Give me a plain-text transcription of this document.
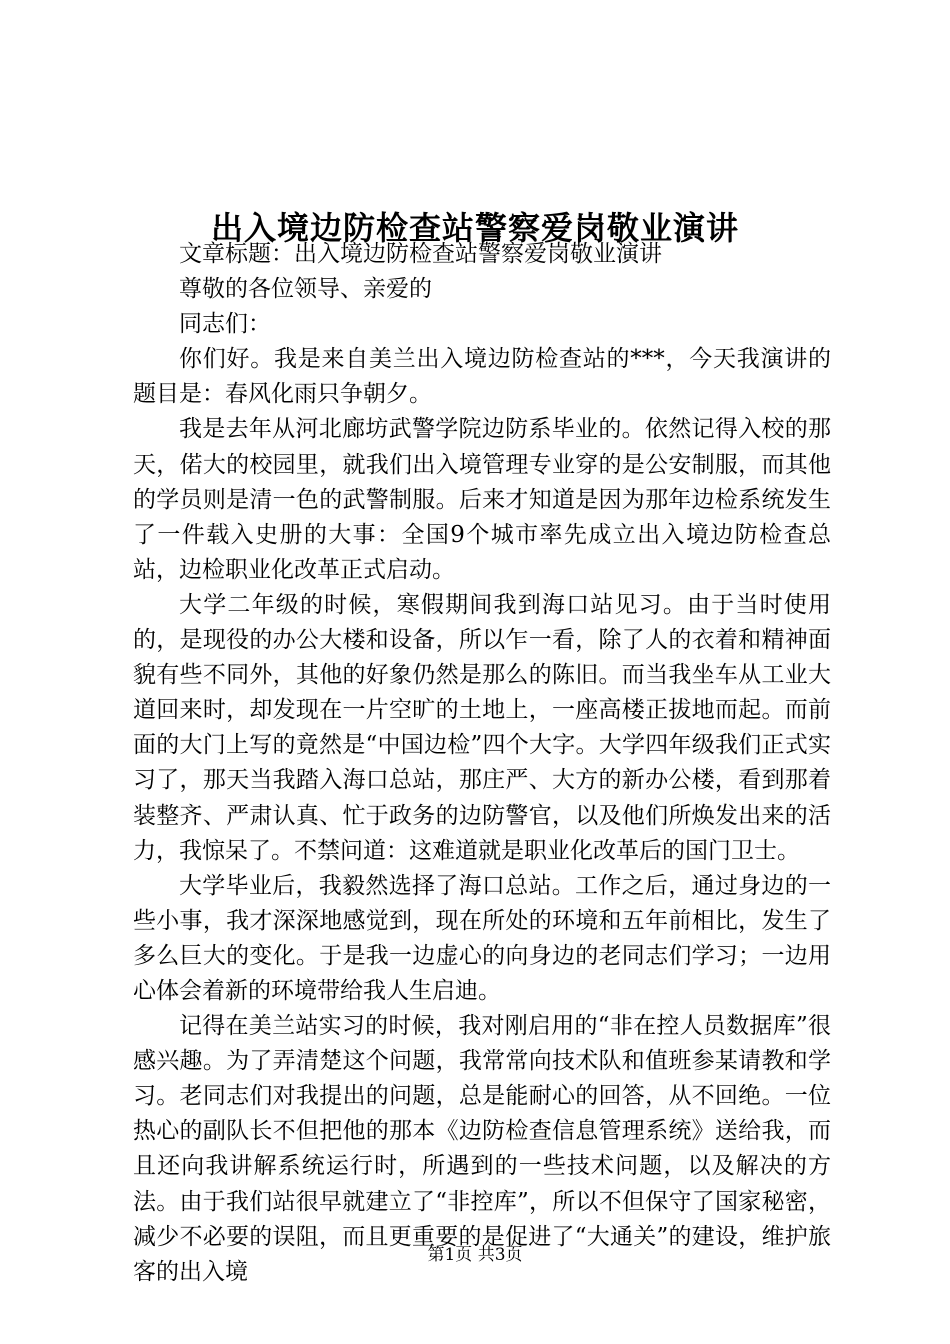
出入境边防检查站警察爱岗敬业演讲

文章标题：出入境边防检查站警察爱岗敬业演讲

尊敬的各位领导、亲爱的

同志们：

你们好。我是来自美兰出入境边防检查站的***，今天我演讲的题目是：春风化雨只争朝夕。

我是去年从河北廊坊武警学院边防系毕业的。依然记得入校的那天，偌大的校园里，就我们出入境管理专业穿的是公安制服，而其他的学员则是清一色的武警制服。后来才知道是因为那年边检系统发生了一件载入史册的大事：全国9个城市率先成立出入境边防检查总站，边检职业化改革正式启动。

大学二年级的时候，寒假期间我到海口站见习。由于当时使用的，是现役的办公大楼和设备，所以乍一看，除了人的衣着和精神面貌有些不同外，其他的好象仍然是那么的陈旧。而当我坐车从工业大道回来时，却发现在一片空旷的土地上，一座高楼正拔地而起。而前面的大门上写的竟然是“中国边检”四个大字。大学四年级我们正式实习了，那天当我踏入海口总站，那庄严、大方的新办公楼，看到那着装整齐、严肃认真、忙于政务的边防警官，以及他们所焕发出来的活力，我惊呆了。不禁问道：这难道就是职业化改革后的国门卫士。

大学毕业后，我毅然选择了海口总站。工作之后，通过身边的一些小事，我才深深地感觉到，现在所处的环境和五年前相比，发生了多么巨大的变化。于是我一边虚心的向身边的老同志们学习；一边用心体会着新的环境带给我人生启迪。

记得在美兰站实习的时候，我对刚启用的“非在控人员数据库”很感兴趣。为了弄清楚这个问题，我常常向技术队和值班参某请教和学习。老同志们对我提出的问题，总是能耐心的回答，从不回绝。一位热心的副队长不但把他的那本《边防检查信息管理系统》送给我，而且还向我讲解系统运行时，所遇到的一些技术问题，以及解决的方法。由于我们站很早就建立了“非控库”，所以不但保守了国家秘密，减少不必要的误阻，而且更重要的是促进了“大通关”的建设，维护旅客的出入境

第1页 共3页
